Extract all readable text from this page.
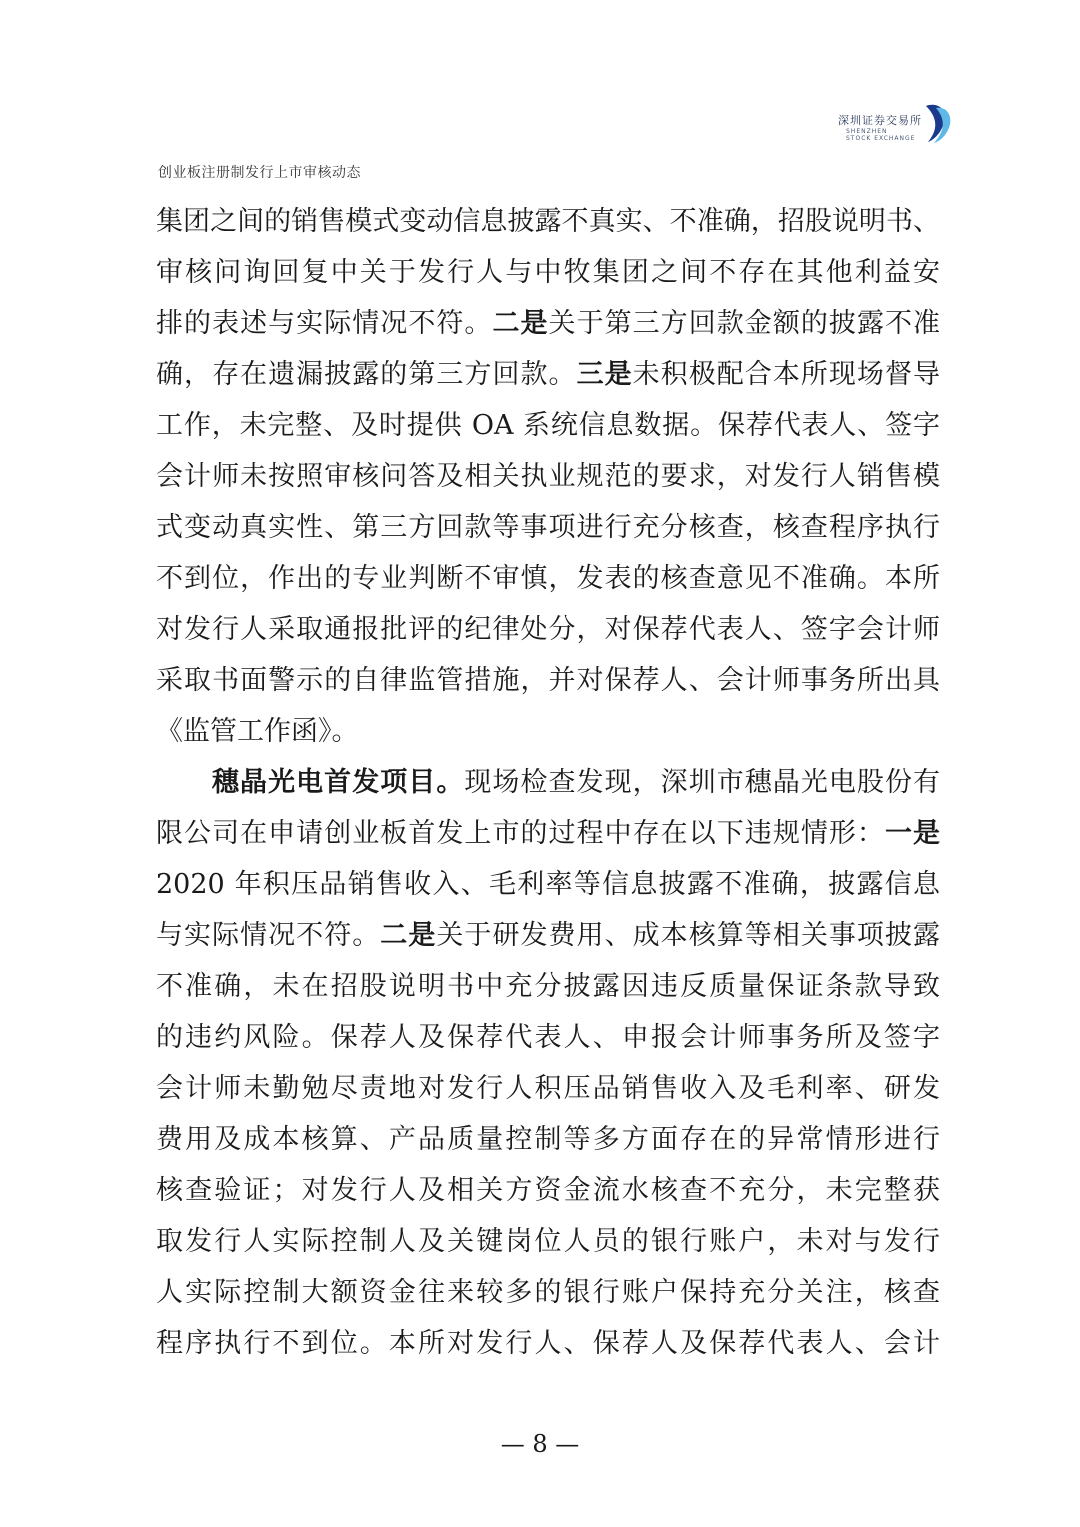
深圳证券交易所
SHENZHEN
STOCK EXCHANGE
创业板注册制发行上市审核动态
集团之间的销售模式变动信息披露不真实、不准确，招股说明书、
审核问询回复中关于发行人与中牧集团之间不存在其他利益安
排的表述与实际情况不符。二是关于第三方回款金额的披露不准
确，存在遗漏披露的第三方回款。三是未积极配合本所现场督导
工作，未完整、及时提供 OA 系统信息数据。保荐代表人、签字
会计师未按照审核问答及相关执业规范的要求，对发行人销售模
式变动真实性、第三方回款等事项进行充分核查，核查程序执行
不到位，作出的专业判断不审慎，发表的核查意见不准确。本所
对发行人采取通报批评的纪律处分，对保荐代表人、签字会计师
采取书面警示的自律监管措施，并对保荐人、会计师事务所出具
《监管工作函》。
穗晶光电首发项目。现场检查发现，深圳市穗晶光电股份有
限公司在申请创业板首发上市的过程中存在以下违规情形：一是
2020 年积压品销售收入、毛利率等信息披露不准确，披露信息
与实际情况不符。二是关于研发费用、成本核算等相关事项披露
不准确，未在招股说明书中充分披露因违反质量保证条款导致
的违约风险。保荐人及保荐代表人、申报会计师事务所及签字
会计师未勤勉尽责地对发行人积压品销售收入及毛利率、研发
费用及成本核算、产品质量控制等多方面存在的异常情形进行
核查验证；对发行人及相关方资金流水核查不充分，未完整获
取发行人实际控制人及关键岗位人员的银行账户，未对与发行
人实际控制大额资金往来较多的银行账户保持充分关注，核查
程序执行不到位。本所对发行人、保荐人及保荐代表人、会计
— 8 —
